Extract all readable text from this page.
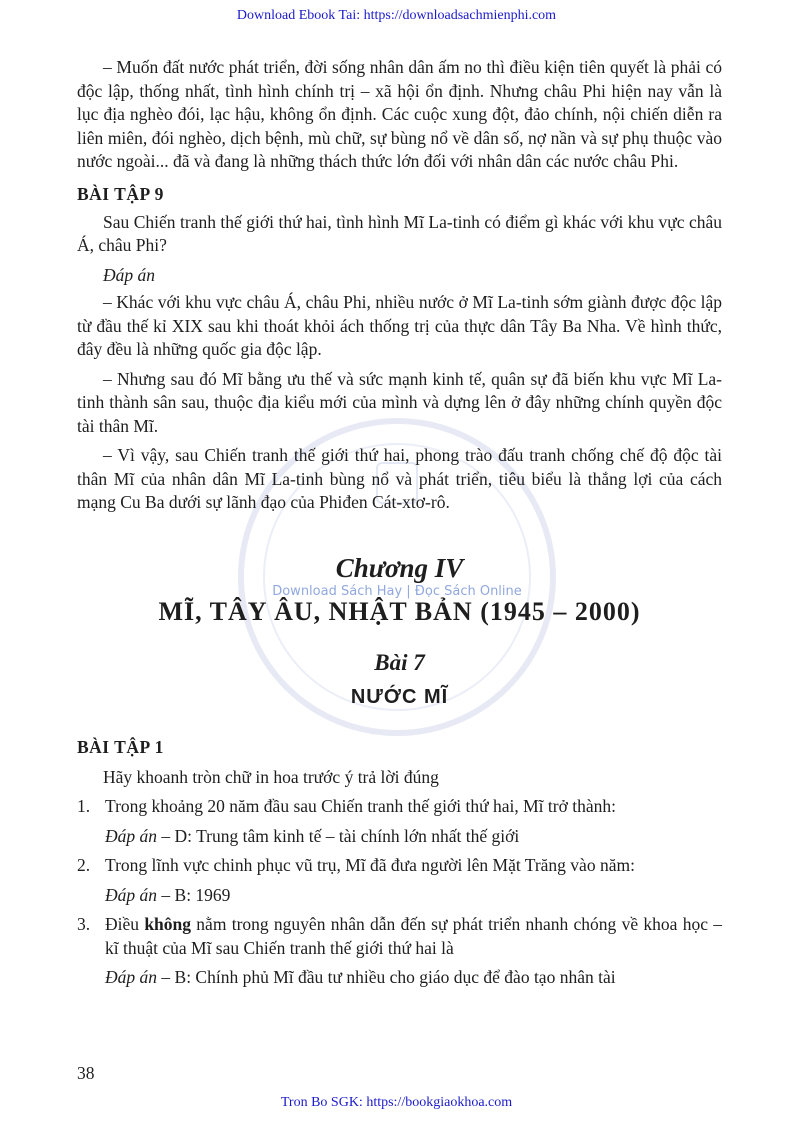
Download Ebook Tai: https://downloadsachmienphi.com
Download Sách Hay | Đọc Sách Online

– Muốn đất nước phát triển, đời sống nhân dân ấm no thì điều kiện tiên quyết là phải có độc lập, thống nhất, tình hình chính trị – xã hội ổn định. Nhưng châu Phi hiện nay vẫn là lục địa nghèo đói, lạc hậu, không ổn định. Các cuộc xung đột, đảo chính, nội chiến diễn ra liên miên, đói nghèo, dịch bệnh, mù chữ, sự bùng nổ về dân số, nợ nần và sự phụ thuộc vào nước ngoài... đã và đang là những thách thức lớn đối với nhân dân các nước châu Phi.

BÀI TẬP 9

Sau Chiến tranh thế giới thứ hai, tình hình Mĩ La-tinh có điểm gì khác với khu vực châu Á, châu Phi?

Đáp án

– Khác với khu vực châu Á, châu Phi, nhiều nước ở Mĩ La-tinh sớm giành được độc lập từ đầu thế kỉ XIX sau khi thoát khỏi ách thống trị của thực dân Tây Ba Nha. Về hình thức, đây đều là những quốc gia độc lập.

– Nhưng sau đó Mĩ bằng ưu thế và sức mạnh kinh tế, quân sự đã biến khu vực Mĩ La-tinh thành sân sau, thuộc địa kiểu mới của mình và dựng lên ở đây những chính quyền độc tài thân Mĩ.

– Vì vậy, sau Chiến tranh thế giới thứ hai, phong trào đấu tranh chống chế độ độc tài thân Mĩ của nhân dân Mĩ La-tinh bùng nổ và phát triển, tiêu biểu là thắng lợi của cách mạng Cu Ba dưới sự lãnh đạo của Phiđen Cát-xtơ-rô.

Chương IV
MĨ, TÂY ÂU, NHẬT BẢN (1945 – 2000)
Bài 7
NƯỚC MĨ
BÀI TẬP 1

Hãy khoanh tròn chữ in hoa trước ý trả lời đúng

1. Trong khoảng 20 năm đầu sau Chiến tranh thế giới thứ hai, Mĩ trở thành:

Đáp án – D: Trung tâm kinh tế – tài chính lớn nhất thế giới
2. Trong lĩnh vực chinh phục vũ trụ, Mĩ đã đưa người lên Mặt Trăng vào năm:

Đáp án – B: 1969
3. Điều không nằm trong nguyên nhân dẫn đến sự phát triển nhanh chóng về khoa học – kĩ thuật của Mĩ sau Chiến tranh thế giới thứ hai là

Đáp án – B: Chính phủ Mĩ đầu tư nhiều cho giáo dục để đào tạo nhân tài
38
Tron Bo SGK: https://bookgiaokhoa.com
